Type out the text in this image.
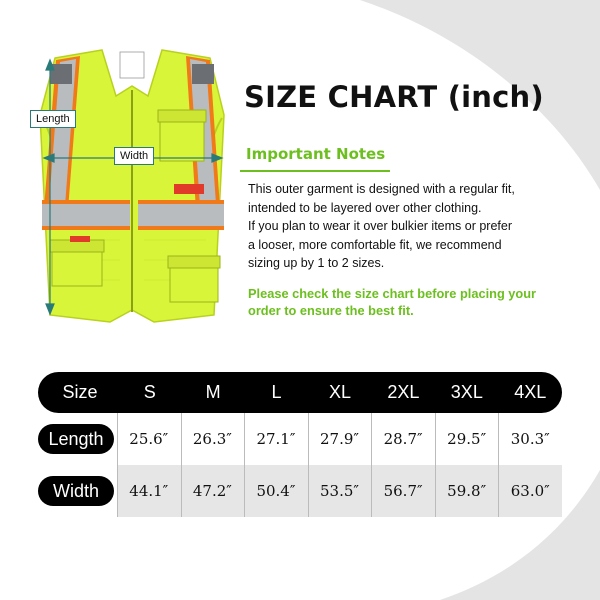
Length
Width
SIZE CHART (inch)
Important Notes
This outer garment is designed with a regular fit,
intended to be layered over other clothing.
If you plan to wear it over bulkier items or prefer
a looser, more comfortable fit, we recommend
sizing up by 1 to 2 sizes.
Please check the size chart before placing your
order to ensure the best fit.
Size	S	M	L	XL	2XL	3XL	4XL
Length	25.6″	26.3″	27.1″	27.9″	28.7″	29.5″	30.3″
Width	44.1″	47.2″	50.4″	53.5″	56.7″	59.8″	63.0″
